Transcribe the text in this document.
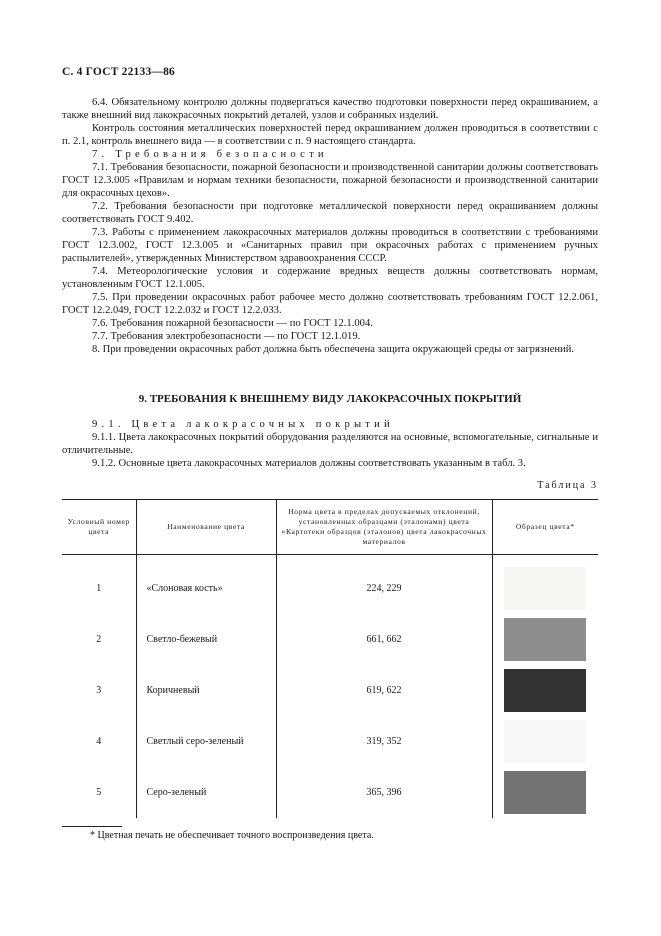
С. 4 ГОСТ 22133—86

6.4. Обязательному контролю должны подвергаться качество подготовки поверхности перед окрашиванием, а также внешний вид лакокрасочных покрытий деталей, узлов и собранных изделий.

Контроль состояния металлических поверхностей перед окрашиванием должен проводиться в соответствии с п. 2.1, контроль внешнего вида — в соответствии с п. 9 настоящего стандарта.

7. Требования безопасности

7.1. Требования безопасности, пожарной безопасности и производственной санитарии должны соответствовать ГОСТ 12.3.005 «Правилам и нормам техники безопасности, пожарной безопасности и производственной санитарии для окрасочных цехов».

7.2. Требования безопасности при подготовке металлической поверхности перед окрашиванием должны соответствовать ГОСТ 9.402.

7.3. Работы с применением лакокрасочных материалов должны проводиться в соответствии с требованиями ГОСТ 12.3.002, ГОСТ 12.3.005 и «Санитарных правил при окрасочных работах с применением ручных распылителей», утвержденных Министерством здравоохранения СССР.

7.4. Метеорологические условия и содержание вредных веществ должны соответствовать нормам, установленным ГОСТ 12.1.005.

7.5. При проведении окрасочных работ рабочее место должно соответствовать требованиям ГОСТ 12.2.061, ГОСТ 12.2.049, ГОСТ 12.2.032 и ГОСТ 12.2.033.

7.6. Требования пожарной безопасности — по ГОСТ 12.1.004.

7.7. Требования электробезопасности — по ГОСТ 12.1.019.

8. При проведении окрасочных работ должна быть обеспечена защита окружающей среды от загрязнений.

9. ТРЕБОВАНИЯ К ВНЕШНЕМУ ВИДУ ЛАКОКРАСОЧНЫХ ПОКРЫТИЙ

9.1. Цвета лакокрасочных покрытий

9.1.1. Цвета лакокрасочных покрытий оборудования разделяются на основные, вспомогательные, сигнальные и отличительные.

9.1.2. Основные цвета лакокрасочных материалов должны соответствовать указанным в табл. 3.

Таблица 3
Условный номер цвета	Наименование цвета	Норма цвета в пределах допускаемых отклонений, установленных образцами (эталонами) цвета «Картотеки образцов (эталонов) цвета лакокрасочных материалов	Образец цвета*
1	«Слоновая кость»	224, 229	
2	Светло-бежевый	661, 662	
3	Коричневый	619, 622	
4	Светлый серо-зеленый	319, 352	
5	Серо-зеленый	365, 396	
* Цветная печать не обеспечивает точного воспроизведения цвета.
